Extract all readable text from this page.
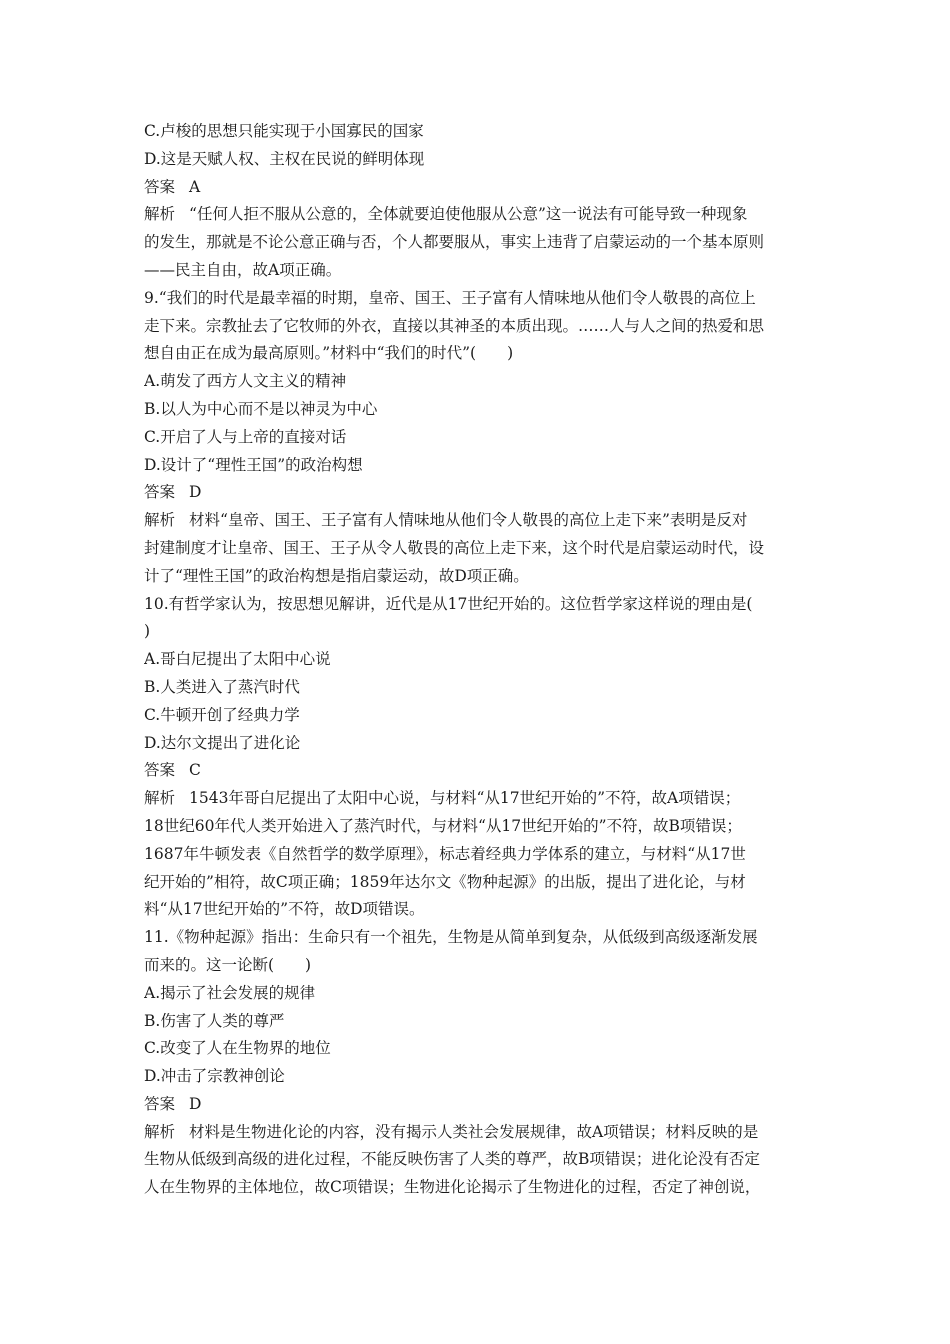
C.卢梭的思想只能实现于小国寡民的国家
D.这是天赋人权、主权在民说的鲜明体现
答案 A
解析 “任何人拒不服从公意的，全体就要迫使他服从公意”这一说法有可能导致一种现象
的发生，那就是不论公意正确与否，个人都要服从，事实上违背了启蒙运动的一个基本原则
——民主自由，故A项正确。
9.“我们的时代是最幸福的时期，皇帝、国王、王子富有人情味地从他们令人敬畏的高位上
走下来。宗教扯去了它牧师的外衣，直接以其神圣的本质出现。……人与人之间的热爱和思
想自由正在成为最高原则。”材料中“我们的时代”(　　)
A.萌发了西方人文主义的精神
B.以人为中心而不是以神灵为中心
C.开启了人与上帝的直接对话
D.设计了“理性王国”的政治构想
答案 D
解析 材料“皇帝、国王、王子富有人情味地从他们令人敬畏的高位上走下来”表明是反对
封建制度才让皇帝、国王、王子从令人敬畏的高位上走下来，这个时代是启蒙运动时代，设
计了“理性王国”的政治构想是指启蒙运动，故D项正确。
10.有哲学家认为，按思想见解讲，近代是从17世纪开始的。这位哲学家这样说的理由是(
)
A.哥白尼提出了太阳中心说
B.人类进入了蒸汽时代
C.牛顿开创了经典力学
D.达尔文提出了进化论
答案 C
解析 1543年哥白尼提出了太阳中心说，与材料“从17世纪开始的”不符，故A项错误；
18世纪60年代人类开始进入了蒸汽时代，与材料“从17世纪开始的”不符，故B项错误；
1687年牛顿发表《自然哲学的数学原理》，标志着经典力学体系的建立，与材料“从17世
纪开始的”相符，故C项正确；1859年达尔文《物种起源》的出版，提出了进化论，与材
料“从17世纪开始的”不符，故D项错误。
11.《物种起源》指出：生命只有一个祖先，生物是从简单到复杂，从低级到高级逐渐发展
而来的。这一论断(　　)
A.揭示了社会发展的规律
B.伤害了人类的尊严
C.改变了人在生物界的地位
D.冲击了宗教神创论
答案 D
解析 材料是生物进化论的内容，没有揭示人类社会发展规律，故A项错误；材料反映的是
生物从低级到高级的进化过程，不能反映伤害了人类的尊严，故B项错误；进化论没有否定
人在生物界的主体地位，故C项错误；生物进化论揭示了生物进化的过程，否定了神创说，
